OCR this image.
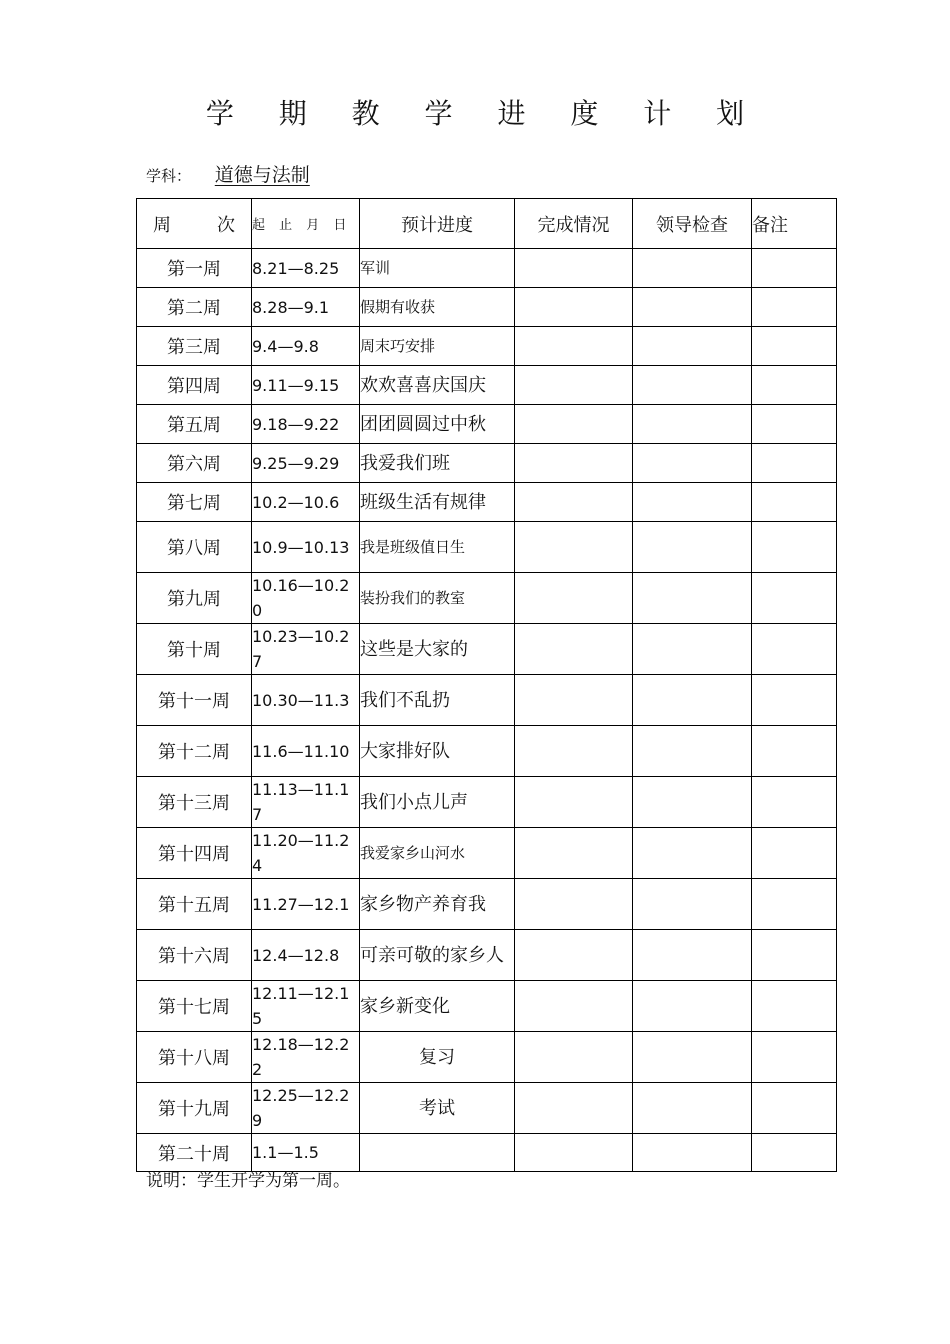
学 期 教 学 进 度 计 划
学科： 道德与法制
周 次	起 止 月 日	预计进度	完成情况	领导检查	备注
第一周	8.21—8.25	军训			
第二周	8.28—9.1	假期有收获			
第三周	9.4—9.8	周末巧安排			
第四周	9.11—9.15	欢欢喜喜庆国庆			
第五周	9.18—9.22	团团圆圆过中秋			
第六周	9.25—9.29	我爱我们班			
第七周	10.2—10.6	班级生活有规律			
第八周	10.9—10.13	我是班级值日生			
第九周	10.16—10.20	装扮我们的教室			
第十周	10.23—10.27	这些是大家的			
第十一周	10.30—11.3	我们不乱扔			
第十二周	11.6—11.10	大家排好队			
第十三周	11.13—11.17	我们小点儿声			
第十四周	11.20—11.24	我爱家乡山河水			
第十五周	11.27—12.1	家乡物产养育我			
第十六周	12.4—12.8	可亲可敬的家乡人			
第十七周	12.11—12.15	家乡新变化			
第十八周	12.18—12.22	复习			
第十九周	12.25—12.29	考试			
第二十周	1.1—1.5				
说明：学生开学为第一周。
